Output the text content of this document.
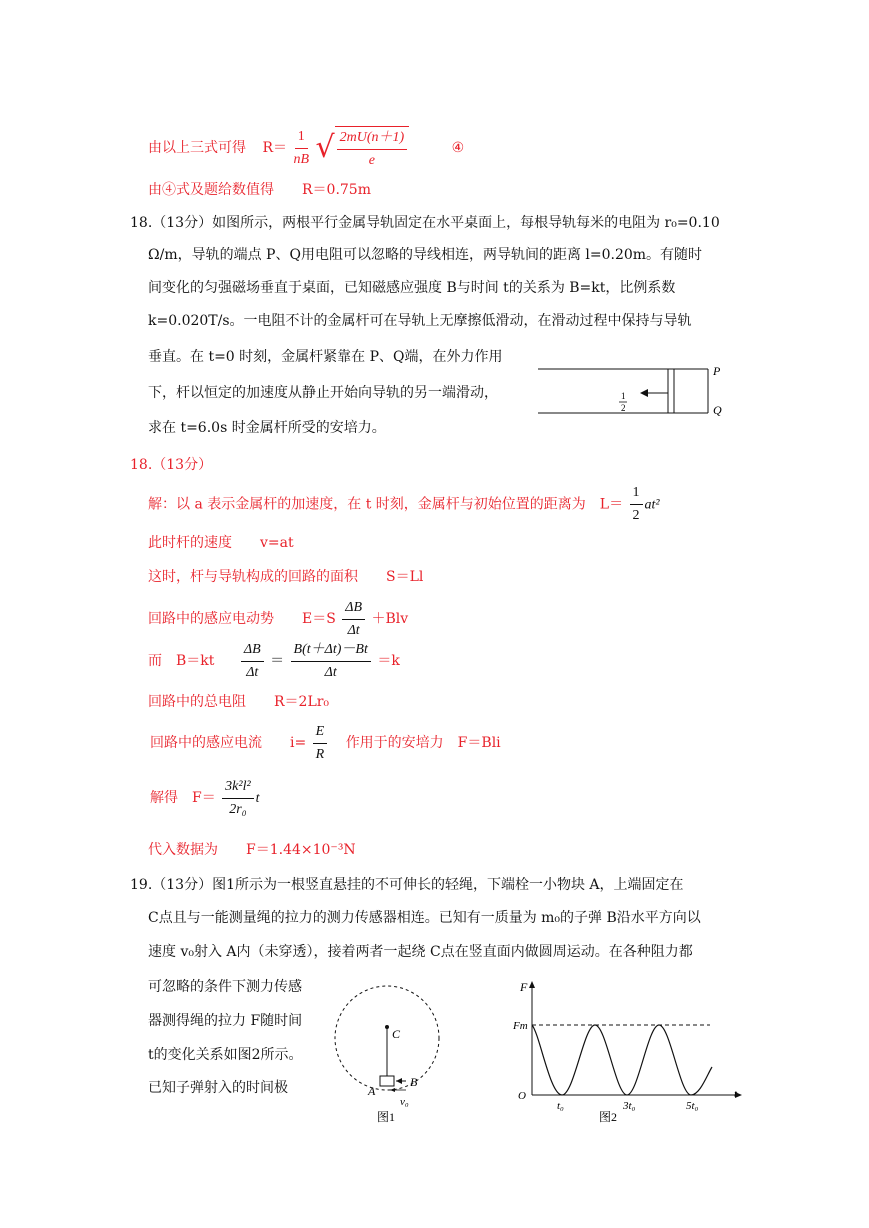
由以上三式可得 $R= \frac{1}{nB}$
√ $\frac{2mU(n+1)}{e}$	④
由④式及题给数值得　　R＝0.75m
18.（13分）如图所示，两根平行金属导轨固定在水平桌面上，每根导轨每米的电阻为 r₀=0.10
Ω/m，导轨的端点 P、Q用电阻可以忽略的导线相连，两导轨间的距离 l=0.20m。有随时
间变化的匀强磁场垂直于桌面，已知磁感应强度 B与时间 t的关系为 B=kt，比例系数
k=0.020T/s。一电阻不计的金属杆可在导轨上无摩擦低滑动，在滑动过程中保持与导轨
垂直。在 t=0 时刻，金属杆紧靠在 P、Q端，在外力作用
下，杆以恒定的加速度从静止开始向导轨的另一端滑动，
求在 t=6.0s 时金属杆所受的安培力。
1
2
P
Q
18.（13分）
解：以 a 表示金属杆的加速度，在 t 时刻，金属杆与初始位置的距离为　$L= \frac{1}{2} at^2$
此时杆的速度　　v=at
这时，杆与导轨构成的回路的面积　　S＝Ll
回路中的感应电动势　　$E=S \frac{\Delta B}{\Delta t} +Blv$
而　$B=kt \frac{\Delta B}{\Delta t} = \frac{B(t+\Delta t)-Bt}{\Delta t} =k$
回路中的总电阻　　R＝2Lr₀
回路中的感应电流　　$i= \frac{E}{R}$ 作用于的安培力　F＝Bli
解得　$F= \frac{\text{3k²l²}}{\text{2r₀}}$ t
代入数据为　　F＝1.44×10⁻³N
19.（13分）图1所示为一根竖直悬挂的不可伸长的轻绳，下端栓一小物块 A，上端固定在
C点且与一能测量绳的拉力的测力传感器相连。已知有一质量为 m₀的子弹 B沿水平方向以
速度 v₀射入 A内（未穿透），接着两者一起绕 C点在竖直面内做圆周运动。在各种阻力都
可忽略的条件下测力传感
器测得绳的拉力 F随时间
t的变化关系如图2所示。
已知子弹射入的时间极
C
A
B
v₀
图1
F
Fm
O	t
t₀	3t₀	5t₀
图2
